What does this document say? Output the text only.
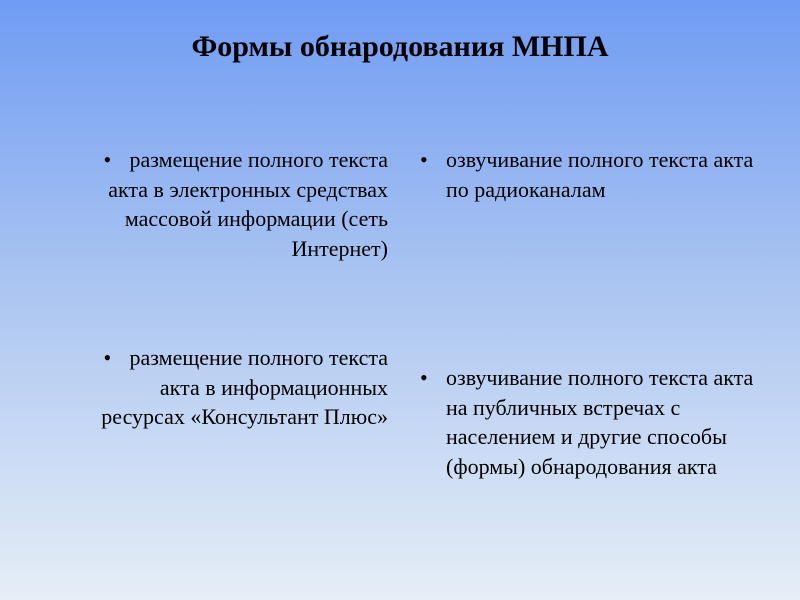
Формы обнародования МНПА
• размещение полного текста акта в электронных средствах массовой информации (сеть Интернет)
• размещение полного текста акта в информационных ресурсах «Консультант Плюс»
• озвучивание полного текста акта по радиоканалам
• озвучивание полного текста акта на публичных встречах с населением и другие способы (формы) обнародования акта
